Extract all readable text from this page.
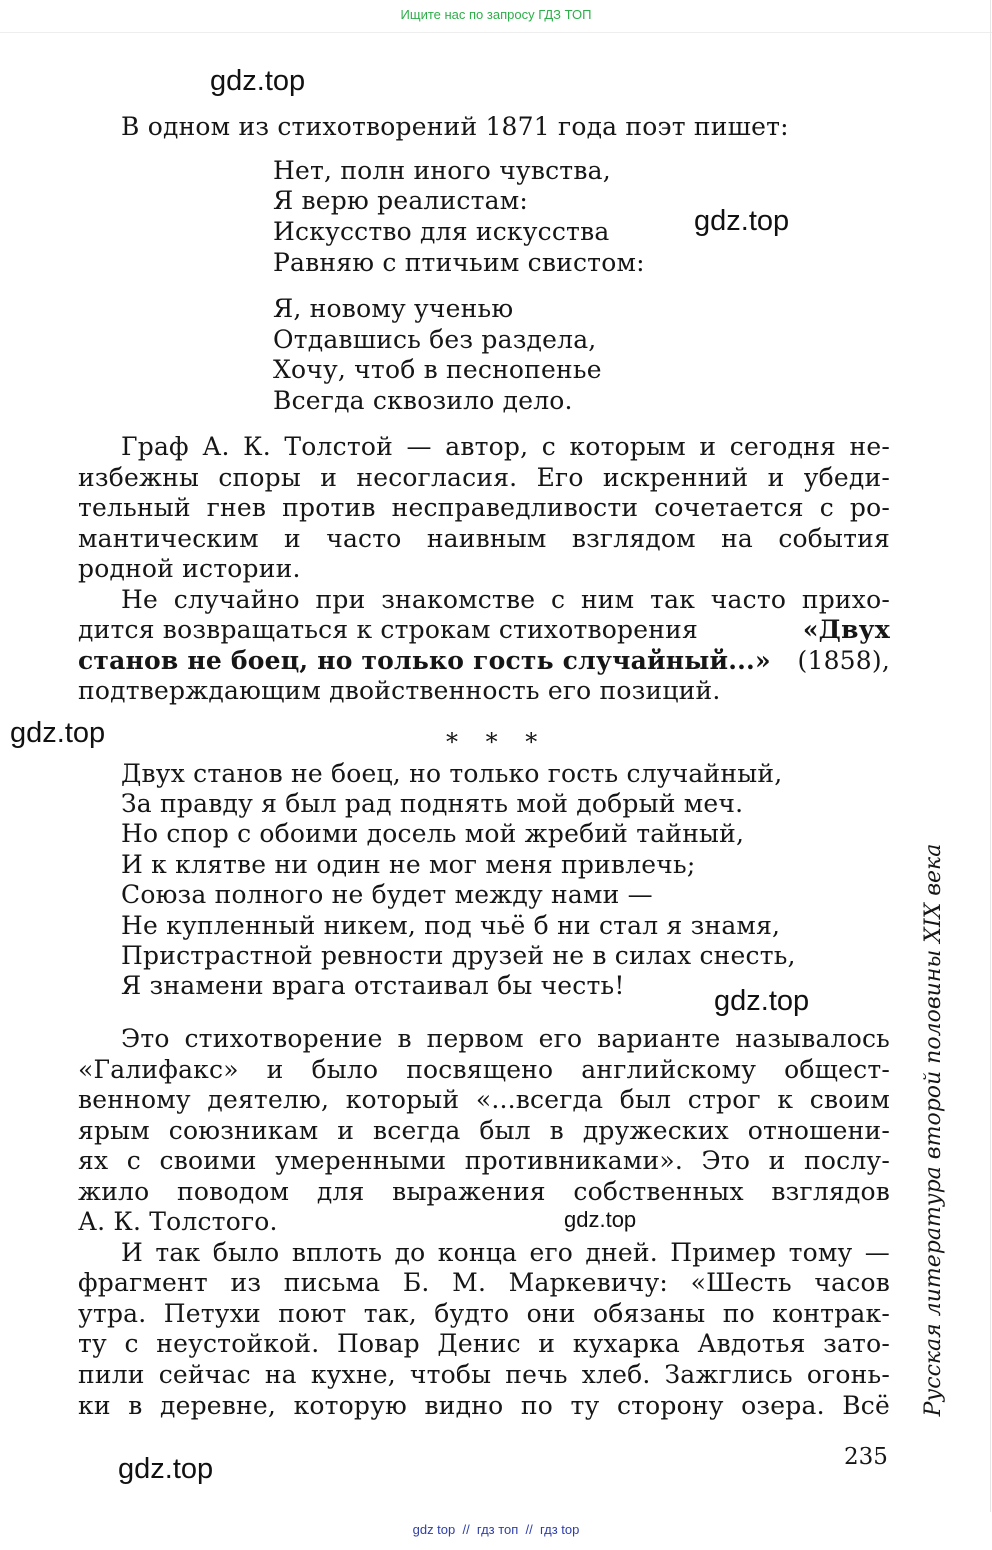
Ищите нас по запросу ГДЗ ТОП
gdz.top
gdz.top
gdz.top
gdz.top
gdz.top
gdz.top
В одном из стихотворений 1871 года поэт пишет:
Нет, полн иного чувства,
Я верю реалистам:
Искусство для искусства
Равняю с птичьим свистом:
Я, новому ученью
Отдавшись без раздела,
Хочу, чтоб в песнопенье
Всегда сквозило дело.
Граф А. К. Толстой — автор, с которым и сегодня не-
избежны споры и несогласия. Его искренний и убеди-
тельный гнев против несправедливости сочетается с ро-
мантическим и часто наивным взглядом на события
родной истории.
Не случайно при знакомстве с ним так часто прихо-
дится возвращаться к строкам стихотворения	«Двух
станов не боец, но только гость случайный...» (1858),
подтверждающим двойственность его позиций.
* * *
Двух станов не боец, но только гость случайный,
За правду я был рад поднять мой добрый меч.
Но спор с обоими досель мой жребий тайный,
И к клятве ни один не мог меня привлечь;
Союза полного не будет между нами —
Не купленный никем, под чьё б ни стал я знамя,
Пристрастной ревности друзей не в силах снесть,
Я знамени врага отстаивал бы честь!
Это стихотворение в первом его варианте называлось
«Галифакс» и было посвящено английскому общест-
венному деятелю, который «...всегда был строг к своим
ярым союзникам и всегда был в дружеских отношени-
ях с своими умеренными противниками». Это и послу-
жило поводом для выражения собственных взглядов
А. К. Толстого.
И так было вплоть до конца его дней. Пример тому —
фрагмент из письма Б. М. Маркевичу: «Шесть часов
утра. Петухи поют так, будто они обязаны по контрак-
ту с неустойкой. Повар Денис и кухарка Авдотья зато-
пили сейчас на кухне, чтобы печь хлеб. Зажглись огонь-
ки в деревне, которую видно по ту сторону озера. Всё Русская литература второй половины XIX века
235
gdz top  //  гдз топ  //  гдз top
